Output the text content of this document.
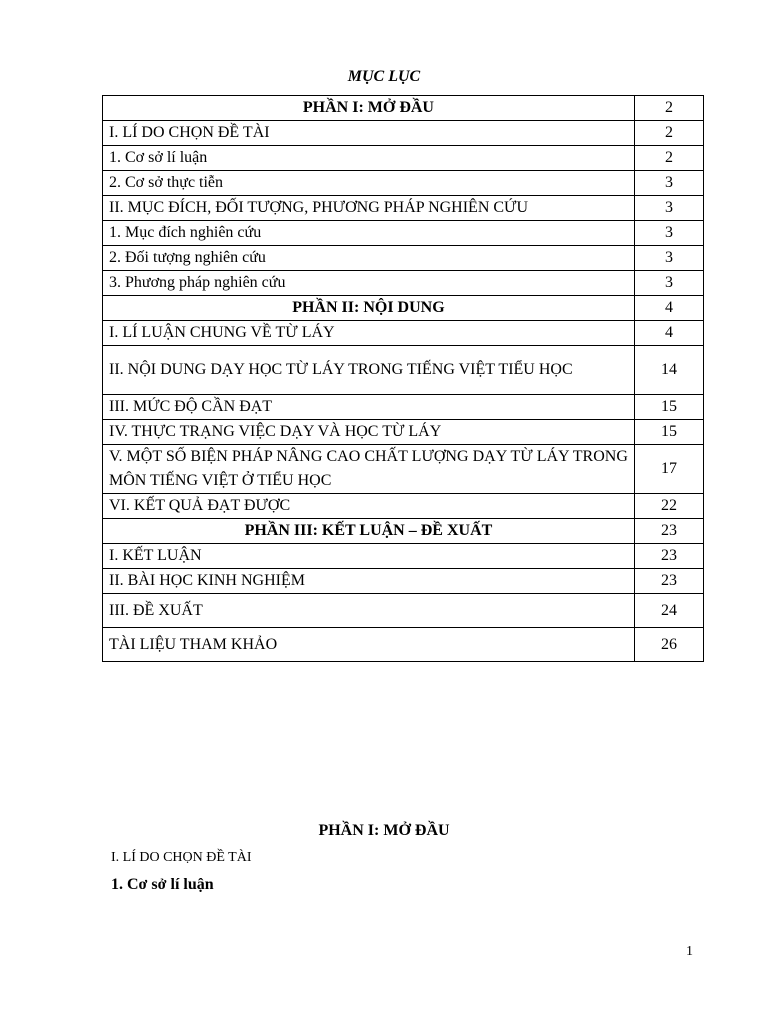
MỤC LỤC
PHẦN I: MỞ ĐẦU	2
I. LÍ DO CHỌN ĐỀ TÀI	2
1. Cơ sở lí luận	2
2. Cơ sở thực tiễn	3
II. MỤC ĐÍCH, ĐỐI TƯỢNG, PHƯƠNG PHÁP NGHIÊN CỨU	3
1. Mục đích nghiên cứu	3
2. Đối tượng nghiên cứu	3
3. Phương pháp nghiên cứu	3
PHẦN II: NỘI DUNG	4
I. LÍ LUẬN CHUNG VỀ TỪ LÁY	4
II. NỘI DUNG DẠY HỌC TỪ LÁY TRONG TIẾNG VIỆT TIỂU HỌC	14
III. MỨC ĐỘ CẦN ĐẠT	15
IV. THỰC TRẠNG VIỆC DẠY VÀ HỌC TỪ LÁY	15
V. MỘT SỐ BIỆN PHÁP NÂNG CAO CHẤT LƯỢNG DẠY TỪ LÁY TRONG MÔN TIẾNG VIỆT Ở TIỂU HỌC	17
VI. KẾT QUẢ ĐẠT ĐƯỢC	22
PHẦN III: KẾT LUẬN – ĐỀ XUẤT	23
I. KẾT LUẬN	23
II. BÀI HỌC KINH NGHIỆM	23
III. ĐỀ XUẤT	24
TÀI LIỆU THAM KHẢO	26
PHẦN I: MỞ ĐẦU
I. LÍ DO CHỌN ĐỀ TÀI
1. Cơ sở lí luận
1
